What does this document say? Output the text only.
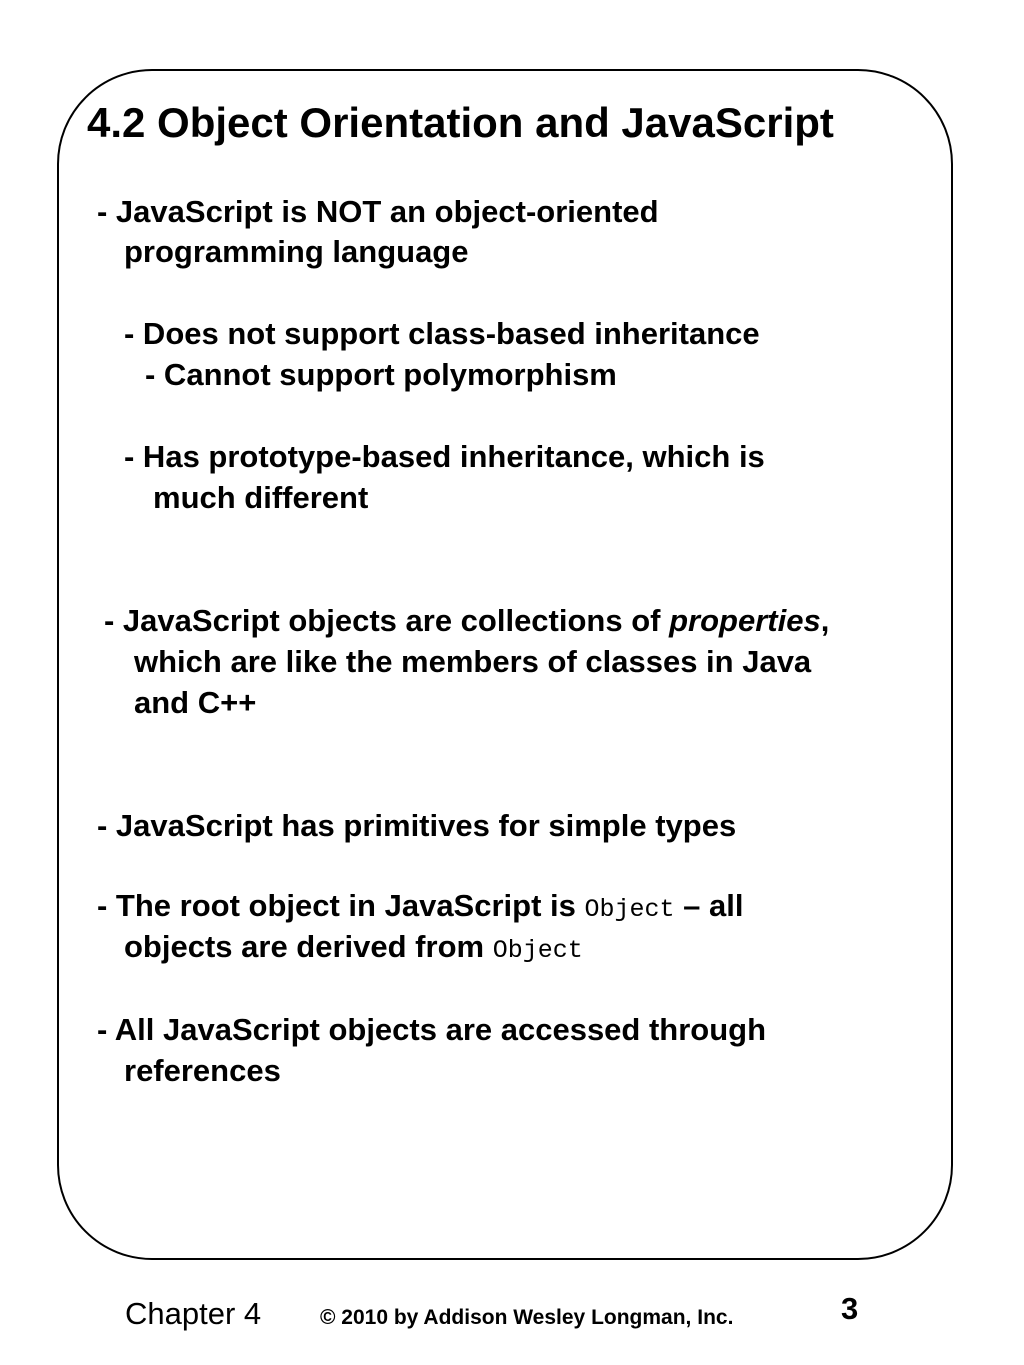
4.2 Object Orientation and JavaScript
- JavaScript is NOT an object-oriented
programming language
- Does not support class-based inheritance
- Cannot support polymorphism
- Has prototype-based inheritance, which is
much different
- JavaScript objects are collections of properties,
which are like the members of classes in Java
and C++
- JavaScript has primitives for simple types
- The root object in JavaScript is Object – all
objects are derived from Object
- All JavaScript objects are accessed through
references
Chapter 4	© 2010 by Addison Wesley Longman, Inc.	3
